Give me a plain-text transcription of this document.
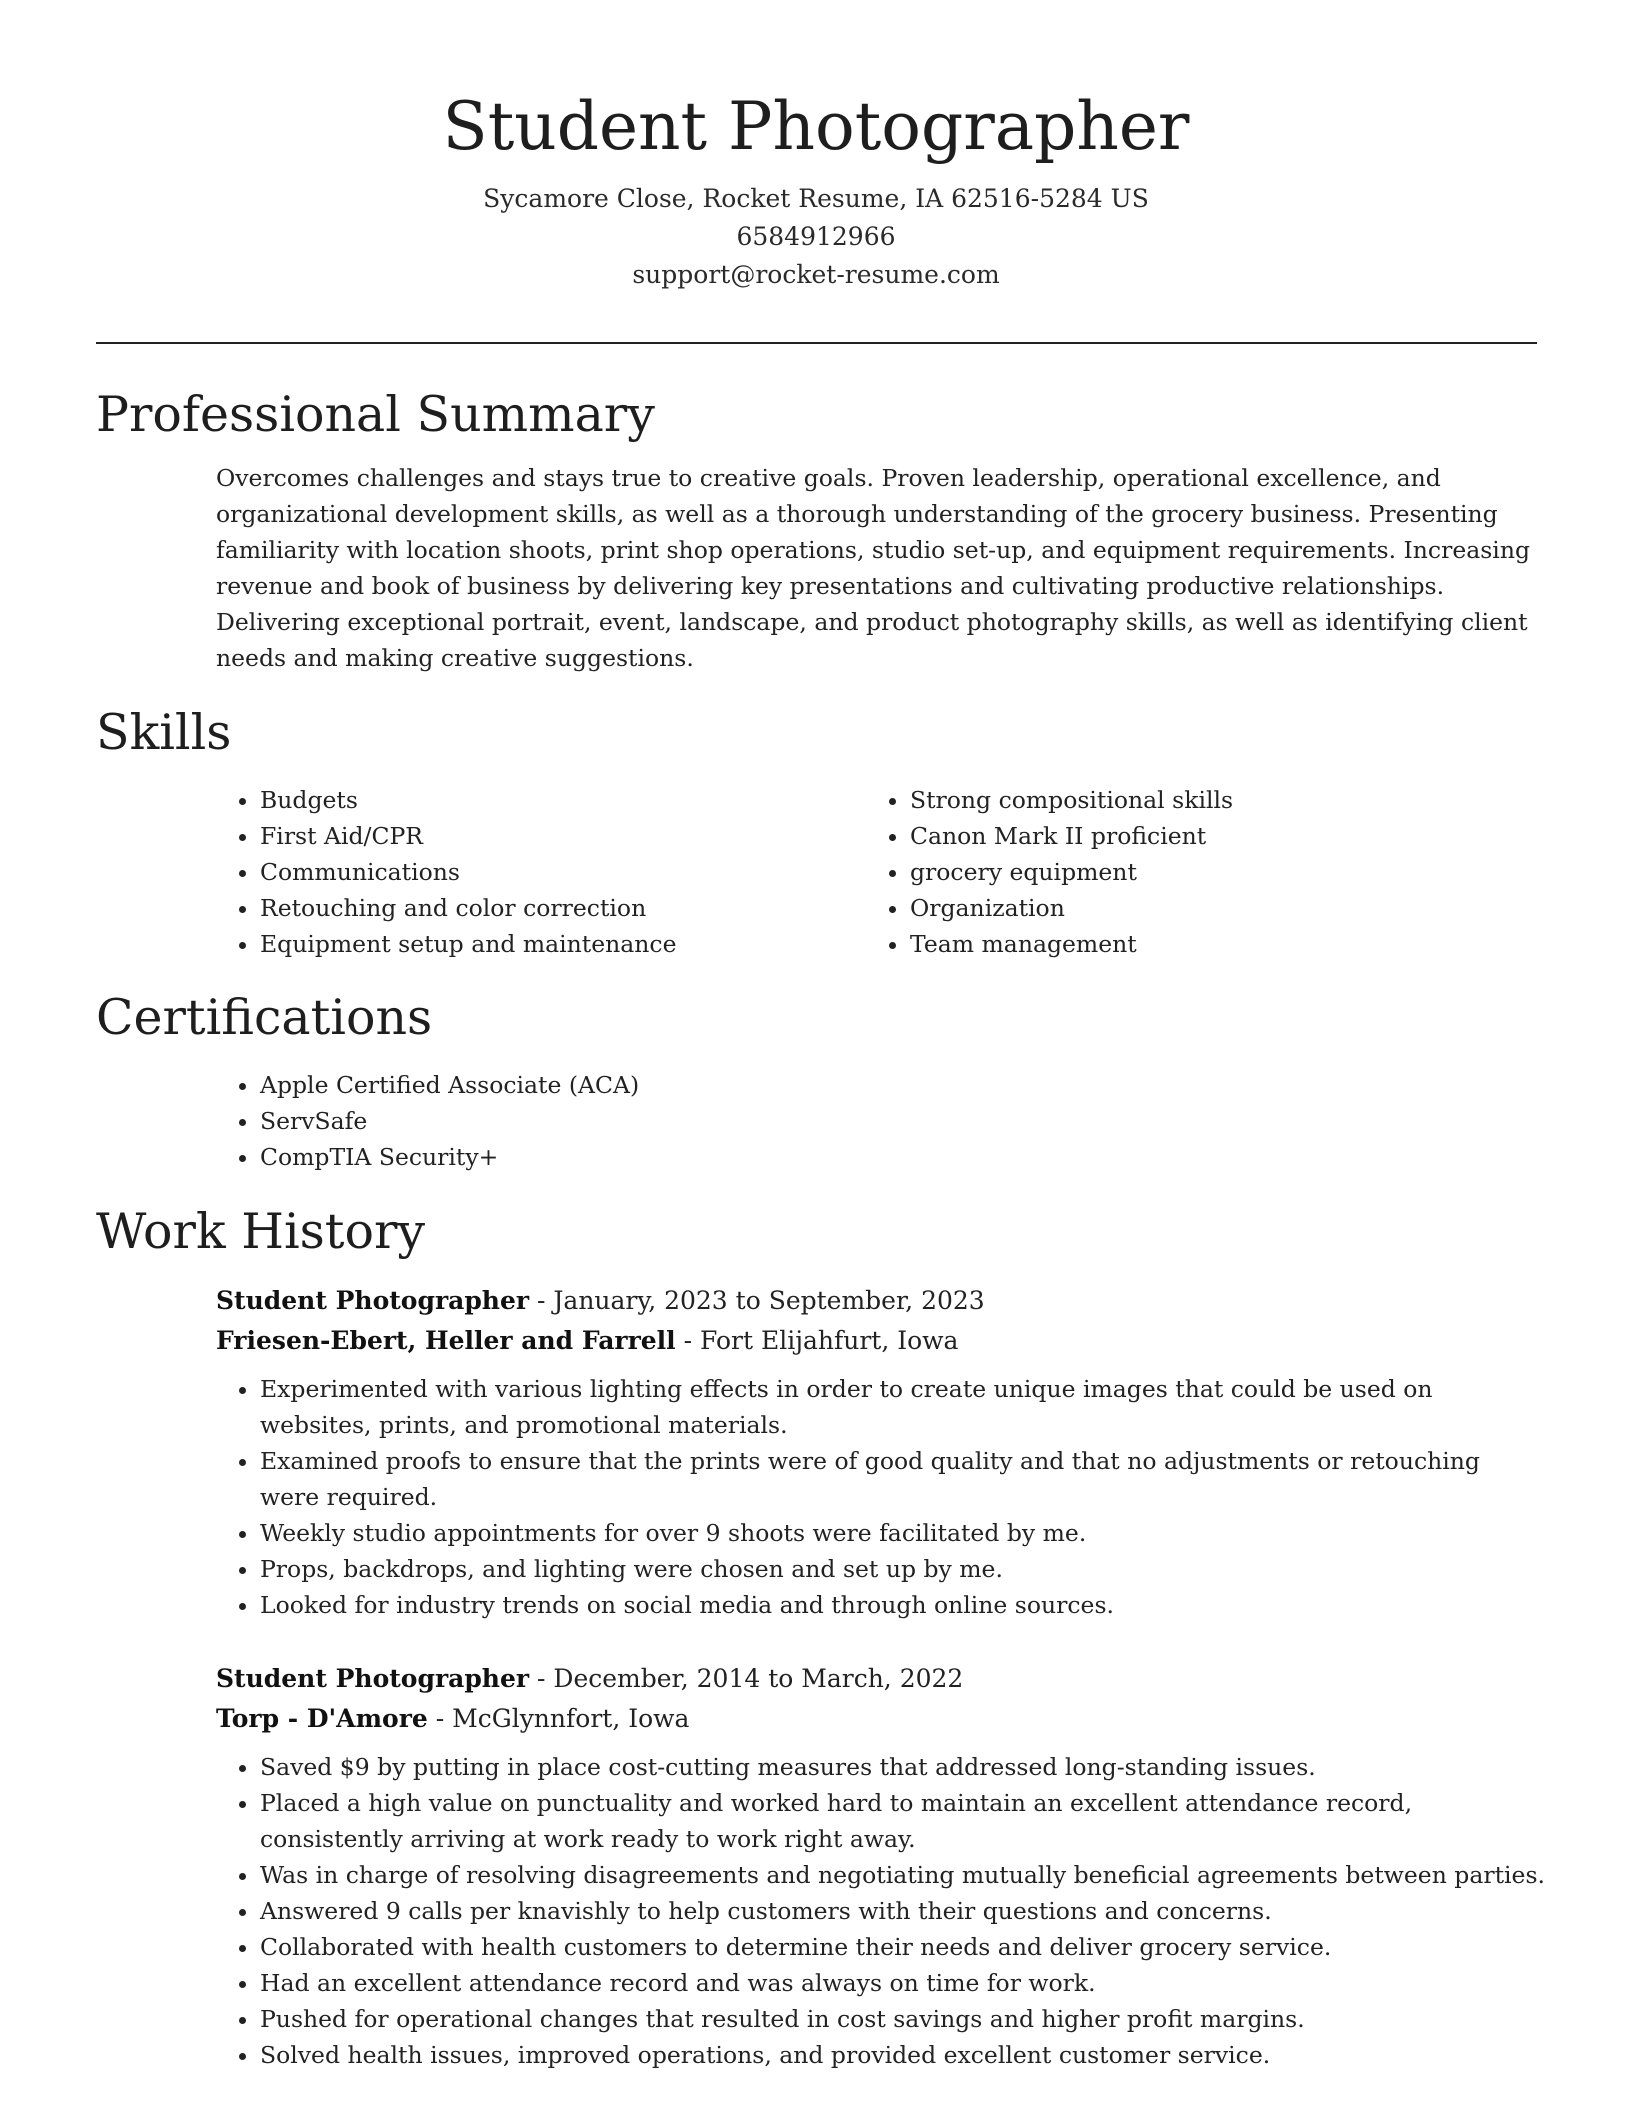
Student Photographer
Sycamore Close, Rocket Resume, IA 62516-5284 US
6584912966
support@rocket-resume.com
Professional Summary

Overcomes challenges and stays true to creative goals. Proven leadership, operational excellence, and organizational development skills, as well as a thorough understanding of the grocery business. Presenting familiarity with location shoots, print shop operations, studio set-up, and equipment requirements. Increasing revenue and book of business by delivering key presentations and cultivating productive relationships. Delivering exceptional portrait, event, landscape, and product photography skills, as well as identifying client needs and making creative suggestions.

Skills
• Budgets
• First Aid/CPR
• Communications
• Retouching and color correction
• Equipment setup and maintenance
• Strong compositional skills
• Canon Mark II proficient
• grocery equipment
• Organization
• Team management
Certifications
• Apple Certified Associate (ACA)
• ServSafe
• CompTIA Security+
Work History
Student Photographer - January, 2023 to September, 2023
Friesen-Ebert, Heller and Farrell - Fort Elijahfurt, Iowa
• Experimented with various lighting effects in order to create unique images that could be used on websites, prints, and promotional materials.
• Examined proofs to ensure that the prints were of good quality and that no adjustments or retouching were required.
• Weekly studio appointments for over 9 shoots were facilitated by me.
• Props, backdrops, and lighting were chosen and set up by me.
• Looked for industry trends on social media and through online sources.
Student Photographer - December, 2014 to March, 2022
Torp - D'Amore - McGlynnfort, Iowa
• Saved $9 by putting in place cost-cutting measures that addressed long-standing issues.
• Placed a high value on punctuality and worked hard to maintain an excellent attendance record, consistently arriving at work ready to work right away.
• Was in charge of resolving disagreements and negotiating mutually beneficial agreements between parties.
• Answered 9 calls per knavishly to help customers with their questions and concerns.
• Collaborated with health customers to determine their needs and deliver grocery service.
• Had an excellent attendance record and was always on time for work.
• Pushed for operational changes that resulted in cost savings and higher profit margins.
• Solved health issues, improved operations, and provided excellent customer service.
